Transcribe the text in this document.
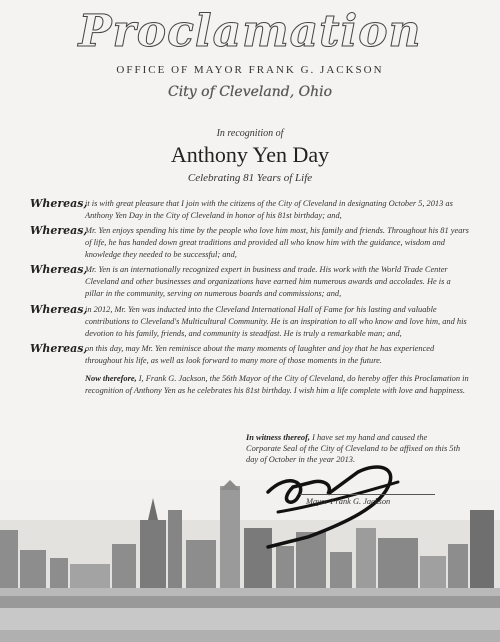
Proclamation
OFFICE OF MAYOR FRANK G. JACKSON
City of Cleveland, Ohio
In recognition of
Anthony Yen Day
Celebrating 81 Years of Life
Whereas,
it is with great pleasure that I join with the citizens of the City of Cleveland in designating October 5, 2013 as Anthony Yen Day in the City of Cleveland in honor of his 81st birthday; and,
Whereas,
Mr. Yen enjoys spending his time by the people who love him most, his family and friends. Throughout his 81 years of life, he has handed down great traditions and provided all who know him with the guidance, wisdom and knowledge they needed to be successful; and,
Whereas,
Mr. Yen is an internationally recognized expert in business and trade. His work with the World Trade Center Cleveland and other businesses and organizations have earned him numerous awards and accolades. He is a pillar in the community, serving on numerous boards and commissions; and,
Whereas,
in 2012, Mr. Yen was inducted into the Cleveland International Hall of Fame for his lasting and valuable contributions to Cleveland's Multicultural Community. He is an inspiration to all who know and love him, and his devotion to his family, friends, and community is steadfast. He is truly a remarkable man; and,
Whereas,
on this day, may Mr. Yen reminisce about the many moments of laughter and joy that he has experienced throughout his life, as well as look forward to many more of those moments in the future.
Now therefore, I, Frank G. Jackson, the 56th Mayor of the City of Cleveland, do hereby offer this Proclamation in recognition of Anthony Yen as he celebrates his 81st birthday. I wish him a life complete with love and happiness.
In witness thereof, I have set my hand and caused the Corporate Seal of the City of Cleveland to be affixed on this 5th day of October in the year 2013.
Mayor Frank G. Jackson
